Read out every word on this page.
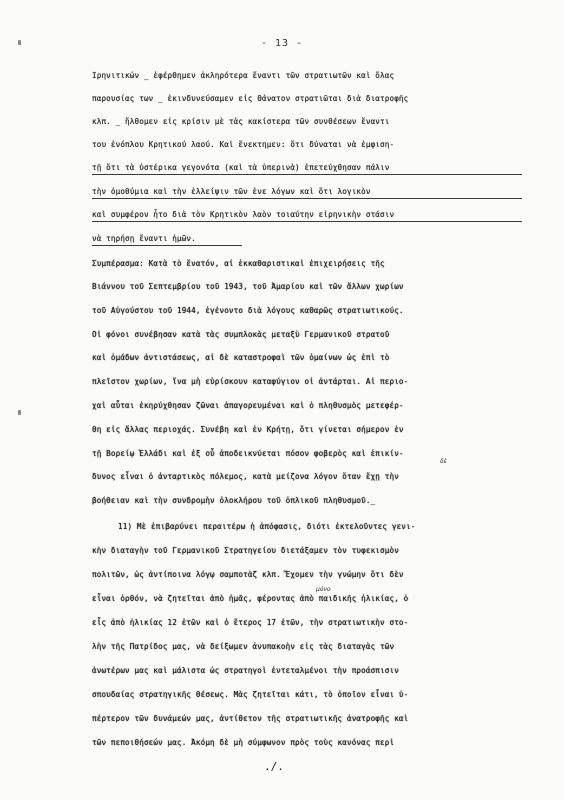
- 13 -
Ιρηνιτικών _ ἐφέρθημεν ἀκληρότερα ἔναντι τῶν στρατιωτῶν καὶ ὄλας
παρουσίας των _ ἐκινδυνεύσαμεν εἰς θάνατον στρατιῶται διὰ διατροφῆς
κλπ. _ ἤλθομεν εἰς κρίσιν μὲ τὰς κακίστερα τῶν συνθέσεων ἔναντι
του ἐνόπλου Κρητικού λαού. Καὶ ἔνεκτημεν: ὅτι δύναται νὰ ἐμφιση-
τῇ ὅτι τὰ ὑστέρικα γεγονότα (καὶ τὰ ὑπερινὰ) ἐπετεύχθησαν πάλιν
τὴν ὁμοθύμια καὶ τὴν ἐλλείψιν τῶν ἐνε λόγων καὶ ὅτι λογικὸν
καὶ συμφέρον ἦτο διὰ τὸν Κρητικὸν λαὸν τοιαύτην εἰρηνικὴν στάσιν
νὰ τηρήσῃ ἔναντι ἡμῶν.
Συμπέρασμα: Κατὰ τὸ ἔνατόν, αἱ ἐκκαθαριστικαὶ ἐπιχειρήσεις τῆς
Βιάννου τοῦ Σεπτεμβρίου τοῦ 1943, τοῦ Ἀμαρίου καὶ τῶν ἄλλων χωρίων
τοῦ Αὐγούστου τοῦ 1944, ἐγένοντο διὰ λόγους καθαρῶς στρατιωτικούς.
Οἱ φόνοι συνέβησαν κατὰ τὰς συμπλοκὰς μεταξὺ Γερμανικοῦ στρατοῦ
καὶ ὁμάδων ἀντιστάσεως, αἱ δὲ καταστροφαὶ τῶν ὀμαίνων ὡς ἐπὶ τὸ
πλεῖστον χωρίων, ἵνα μὴ εὑρίσκουν καταφύγιον οἱ ἀντάρται. Αἱ περιο-
χαὶ αὗται ἐκηρύχθησαν ζῶναι ἀπαγορευμέναι καὶ ὁ πληθυσμὸς μετεφέρ-
θη εἰς ἄλλας περιοχάς. Συνέβη καὶ ἐν Κρήτῃ, ὅτι γίνεται σήμερον ἐν
τῇ Βορείῳ Ἑλλάδι καὶ ἐξ οὗ ἀποδεικνύεται πόσον φοβερὸς καὶ ἐπικίν-
δὲ
δυνος εἶναι ὁ ἀνταρτικὸς πόλεμος, κατὰ μείζονα λόγον ὅταν ἔχῃ τὴν
βοήθειαν καὶ τὴν συνδρομὴν ὁλοκλήρου τοῦ ὀπλικοῦ πληθυσμοῦ._
11) Μὲ ἐπιβαρύνει περαιτέρω ἡ ἀπόφασις, διότι ἐκτελοῦντες γενι-
κὴν διαταγὴν τοῦ Γερμανικοῦ Στρατηγείου διετάξαμεν τὸν τυφεκισμὸν
πολιτῶν, ὡς ἀντίποινα λόγῳ σαμποτὰζ κλπ. Ἔχομεν τὴν γνώμην ὅτι δὲν
μόνο
εἶναι ὀρθόν, νὰ ζητεῖται ἀπὸ ἡμᾶς, φέροντας ἀπὸ παιδικῆς ἡλικίας, ὁ
εἷς ἀπὸ ἡλικίας 12 ἐτῶν καὶ ὁ ἕτερος 17 ἐτῶν, τὴν στρατιωτικὴν στο-
λὴν τῆς Πατρίδος μας, νὰ δείξωμεν ἀνυπακοὴν εἰς τὰς διαταγὰς τῶν
ἀνωτέρων μας καὶ μάλιστα ὡς στρατηγοὶ ἐντεταλμένοι τὴν προάσπισιν
σπουδαίας στρατηγικῆς θέσεως. Μὰς ζητεῖται κάτι, τὸ ὁποῖον εἶναι ὑ-
πέρτερον τῶν δυνάμεών μας, ἀντίθετον τῆς στρατιωτικῆς ἀνατροφῆς καὶ
τῶν πεποιθήσεών μας. Ἀκόμη δὲ μὴ σύμφωνον πρὸς τοὺς κανόνας περὶ
./.
